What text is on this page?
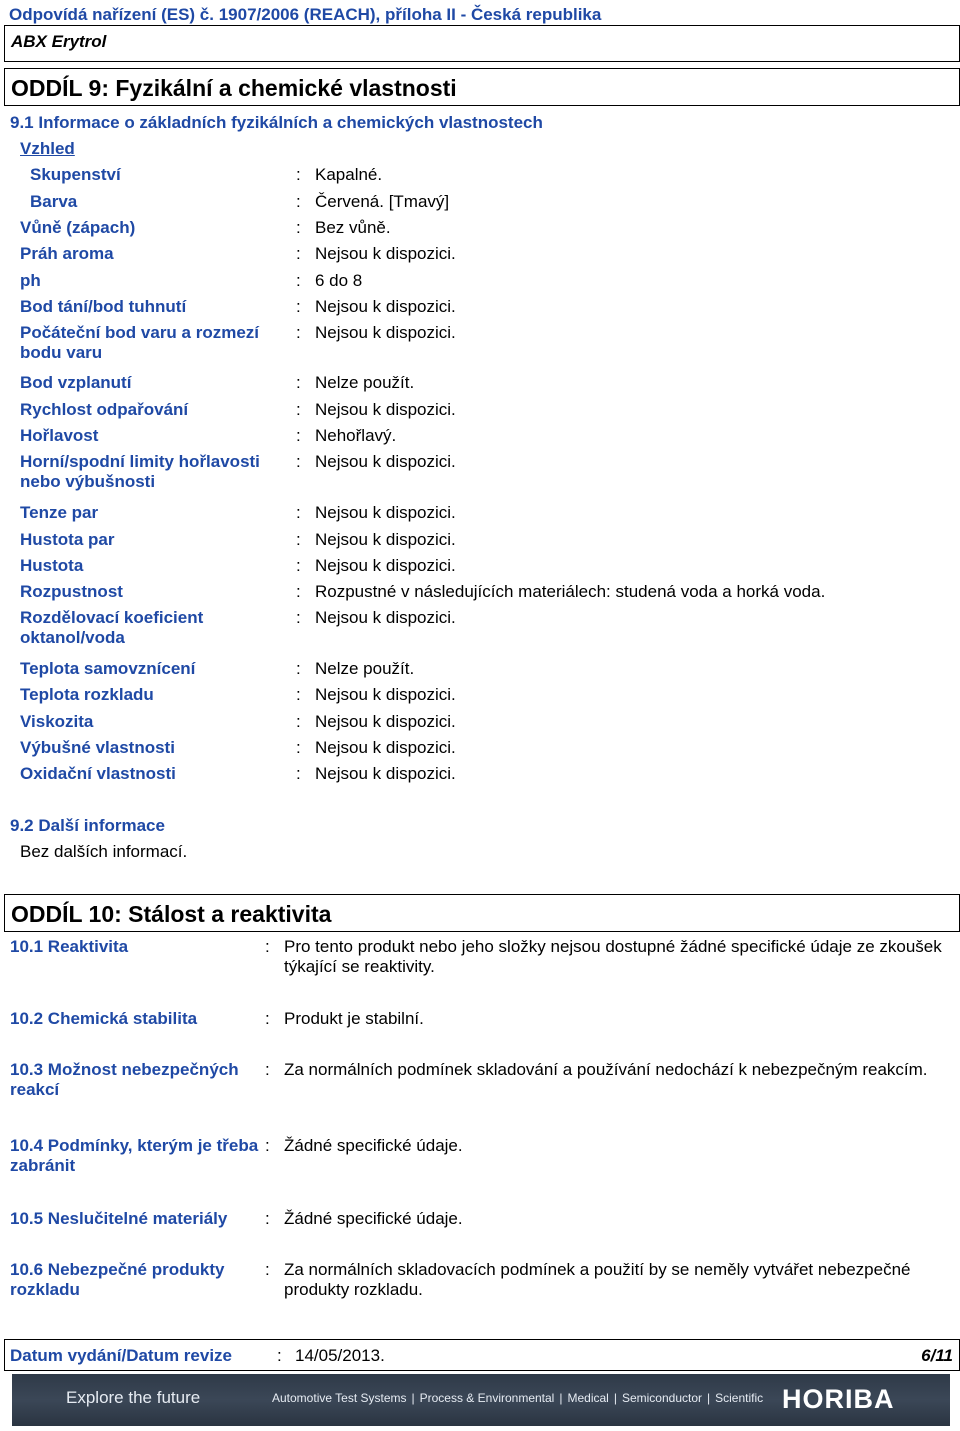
Odpovídá nařízení (ES) č. 1907/2006 (REACH), příloha II - Česká republika
ABX Erytrol
ODDÍL 9: Fyzikální a chemické vlastnosti
9.1 Informace o základních fyzikálních a chemických vlastnostech
Vzhled
Skupenství	: Kapalné.
Barva	: Červená. [Tmavý]
Vůně (zápach)	: Bez vůně.
Práh aroma	: Nejsou k dispozici.
ph	: 6 do 8
Bod tání/bod tuhnutí	: Nejsou k dispozici.
Počáteční bod varu a rozmezí bodu varu
: Nejsou k dispozici.
Bod vzplanutí	: Nelze použít.
Rychlost odpařování	: Nejsou k dispozici.
Hořlavost	: Nehořlavý.
Horní/spodní limity hořlavosti nebo výbušnosti
: Nejsou k dispozici.
Tenze par	: Nejsou k dispozici.
Hustota par	: Nejsou k dispozici.
Hustota	: Nejsou k dispozici.
Rozpustnost	: Rozpustné v následujících materiálech: studená voda a horká voda.
Rozdělovací koeficient oktanol/voda
: Nejsou k dispozici.
Teplota samovznícení	: Nelze použít.
Teplota rozkladu	: Nejsou k dispozici.
Viskozita	: Nejsou k dispozici.
Výbušné vlastnosti	: Nejsou k dispozici.
Oxidační vlastnosti	: Nejsou k dispozici.
9.2 Další informace
Bez dalších informací.
ODDÍL 10: Stálost a reaktivita
10.1 Reaktivita	: Pro tento produkt nebo jeho složky nejsou dostupné žádné specifické údaje ze zkoušek týkající se reaktivity.
10.2 Chemická stabilita	: Produkt je stabilní.
10.3 Možnost nebezpečných reakcí
: Za normálních podmínek skladování a používání nedochází k nebezpečným reakcím.
10.4 Podmínky, kterým je třeba zabránit
: Žádné specifické údaje.
10.5 Neslučitelné materiály	: Žádné specifické údaje.
10.6 Nebezpečné produkty rozkladu
: Za normálních skladovacích podmínek a použití by se neměly vytvářet nebezpečné produkty rozkladu.
Datum vydání/Datum revize	: 14/05/2013.	6/11
Explore the future	Automotive Test Systems | Process & Environmental | Medical | Semiconductor | Scientific HORIBA
